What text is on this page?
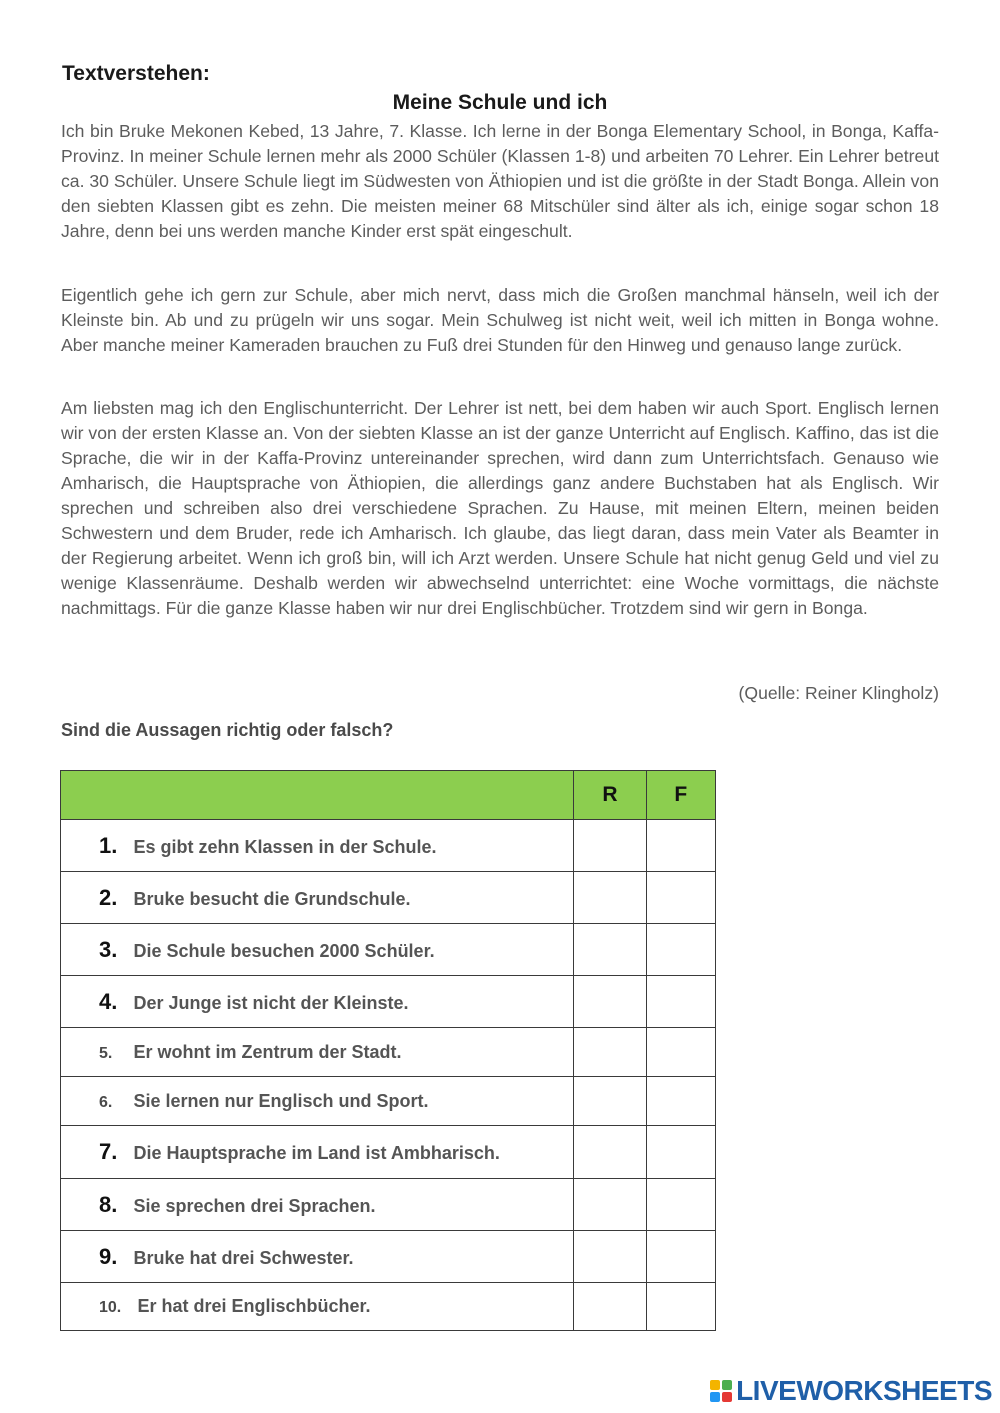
Textverstehen:
Meine Schule und ich

Ich bin Bruke Mekonen Kebed, 13 Jahre, 7. Klasse. Ich lerne in der Bonga Elementary School, in Bonga, Kaffa-Provinz. In meiner Schule lernen mehr als 2000 Schüler (Klassen 1-8) und arbeiten 70 Lehrer. Ein Lehrer betreut ca. 30 Schüler. Unsere Schule liegt im Südwesten von Äthiopien und ist die größte in der Stadt Bonga. Allein von den siebten Klassen gibt es zehn. Die meisten meiner 68 Mitschüler sind älter als ich, einige sogar schon 18 Jahre, denn bei uns werden manche Kinder erst spät eingeschult.

Eigentlich gehe ich gern zur Schule, aber mich nervt, dass mich die Großen manchmal hänseln, weil ich der Kleinste bin. Ab und zu prügeln wir uns sogar. Mein Schulweg ist nicht weit, weil ich mitten in Bonga wohne. Aber manche meiner Kameraden brauchen zu Fuß drei Stunden für den Hinweg und genauso lange zurück.

Am liebsten mag ich den Englischunterricht. Der Lehrer ist nett, bei dem haben wir auch Sport. Englisch lernen wir von der ersten Klasse an. Von der siebten Klasse an ist der ganze Unterricht auf Englisch. Kaffino, das ist die Sprache, die wir in der Kaffa-Provinz untereinander sprechen, wird dann zum Unterrichtsfach. Genauso wie Amharisch, die Hauptsprache von Äthiopien, die allerdings ganz andere Buchstaben hat als Englisch. Wir sprechen und schreiben also drei verschiedene Sprachen. Zu Hause, mit meinen Eltern, meinen beiden Schwestern und dem Bruder, rede ich Amharisch. Ich glaube, das liegt daran, dass mein Vater als Beamter in der Regierung arbeitet. Wenn ich groß bin, will ich Arzt werden. Unsere Schule hat nicht genug Geld und viel zu wenige Klassenräume. Deshalb werden wir abwechselnd unterrichtet: eine Woche vormittags, die nächste nachmittags. Für die ganze Klasse haben wir nur drei Englischbücher. Trotzdem sind wir gern in Bonga.

(Quelle: Reiner Klingholz)

Sind die Aussagen richtig oder falsch?

	R	F
1. Es gibt zehn Klassen in der Schule.		
2. Bruke besucht die Grundschule.		
3. Die Schule besuchen 2000 Schüler.		
4. Der Junge ist nicht der Kleinste.		
5. Er wohnt im Zentrum der Stadt.		
6. Sie lernen nur Englisch und Sport.		
7. Die Hauptsprache im Land ist Ambharisch.		
8. Sie sprechen drei Sprachen.		
9. Bruke hat drei Schwester.		
10. Er hat drei Englischbücher.		
LIVEWORKSHEETS
